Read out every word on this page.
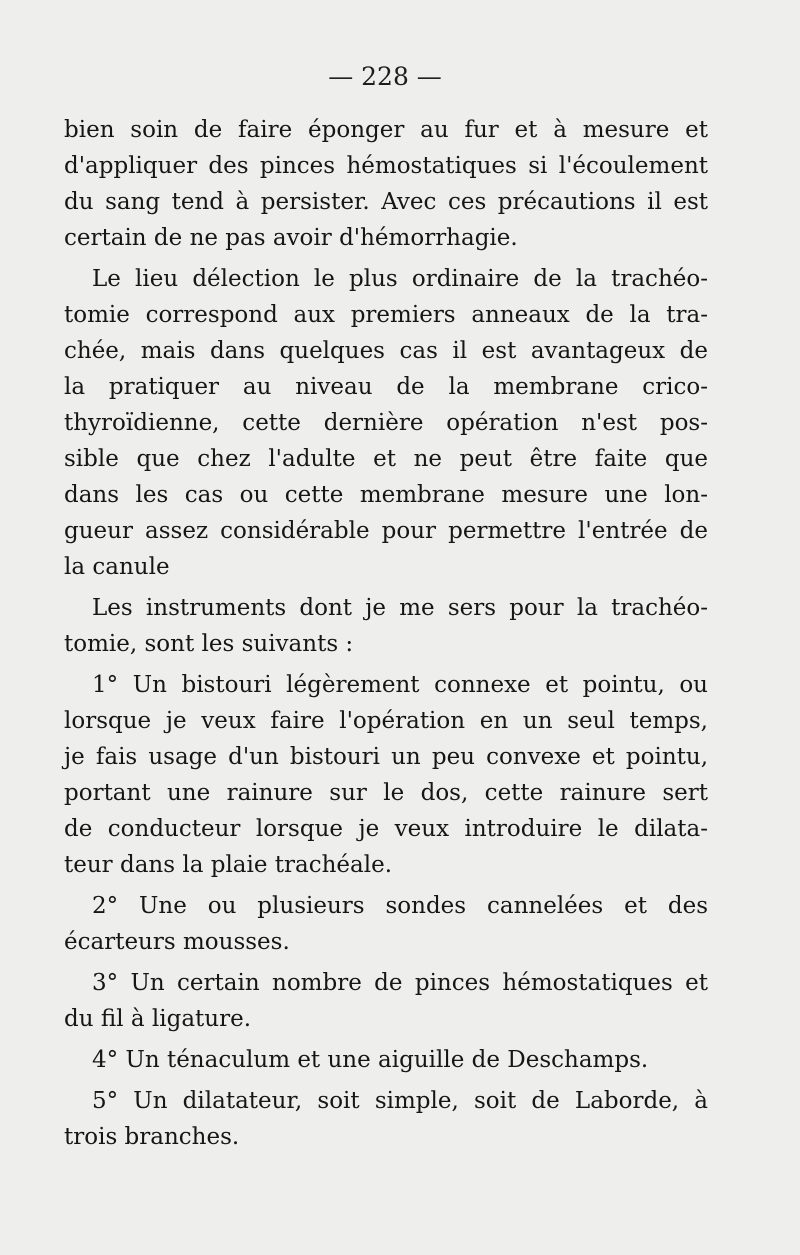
— 228 —
bien soin de faire éponger au fur et à mesure et
d'appliquer des pinces hémostatiques si l'écoulement
du sang tend à persister. Avec ces précautions il est
certain de ne pas avoir d'hémorrhagie.
Le lieu délection le plus ordinaire de la trachéo-
tomie correspond aux premiers anneaux de la tra-
chée, mais dans quelques cas il est avantageux de
la pratiquer au niveau de la membrane crico-
thyroïdienne, cette dernière opération n'est pos-
sible que chez l'adulte et ne peut être faite que
dans les cas ou cette membrane mesure une lon-
gueur assez considérable pour permettre l'entrée de
la canule
Les instruments dont je me sers pour la trachéo-
tomie, sont les suivants :
1° Un bistouri légèrement connexe et pointu, ou
lorsque je veux faire l'opération en un seul temps,
je fais usage d'un bistouri un peu convexe et pointu,
portant une rainure sur le dos, cette rainure sert
de conducteur lorsque je veux introduire le dilata-
teur dans la plaie trachéale.
2° Une ou plusieurs sondes cannelées et des
écarteurs mousses.
3° Un certain nombre de pinces hémostatiques et
du fil à ligature.
4° Un ténaculum et une aiguille de Deschamps.
5° Un dilatateur, soit simple, soit de Laborde, à
trois branches.
